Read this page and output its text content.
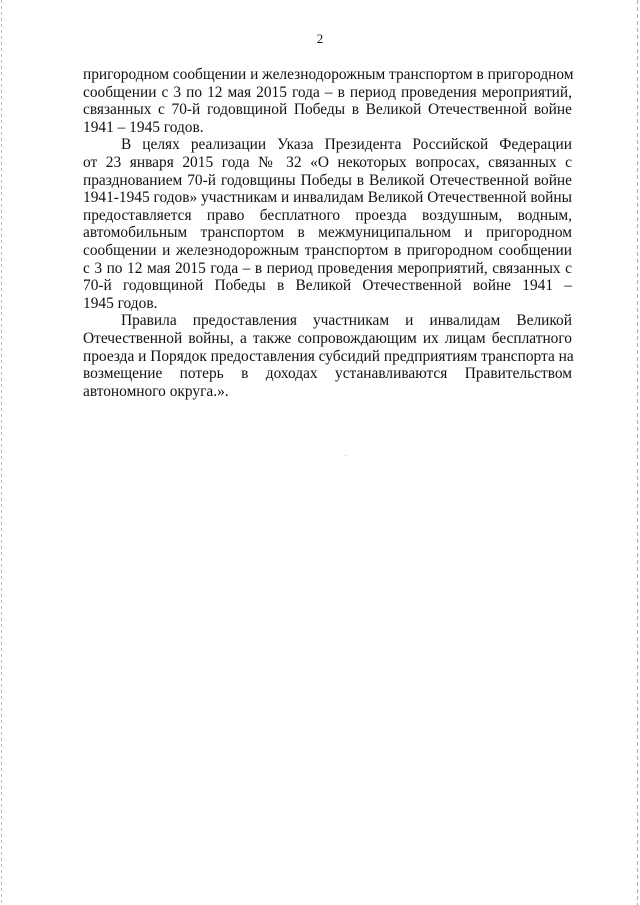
2
пригородном сообщении и железнодорожным транспортом в пригородном
сообщении с 3 по 12 мая 2015 года – в период проведения мероприятий,
связанных с 70-й годовщиной Победы в Великой Отечественной войне
1941 – 1945 годов.
В целях реализации Указа Президента Российской Федерации
от 23 января 2015 года № 32 «О некоторых вопросах, связанных с
празднованием 70-й годовщины Победы в Великой Отечественной войне
1941-1945 годов» участникам и инвалидам Великой Отечественной войны
предоставляется право бесплатного проезда воздушным, водным,
автомобильным транспортом в межмуниципальном и пригородном
сообщении и железнодорожным транспортом в пригородном сообщении
с 3 по 12 мая 2015 года – в период проведения мероприятий, связанных с
70-й годовщиной Победы в Великой Отечественной войне 1941 –
1945 годов.
Правила предоставления участникам и инвалидам Великой
Отечественной войны, а также сопровождающим их лицам бесплатного
проезда и Порядок предоставления субсидий предприятиям транспорта на
возмещение потерь в доходах устанавливаются Правительством
автономного округа.».
